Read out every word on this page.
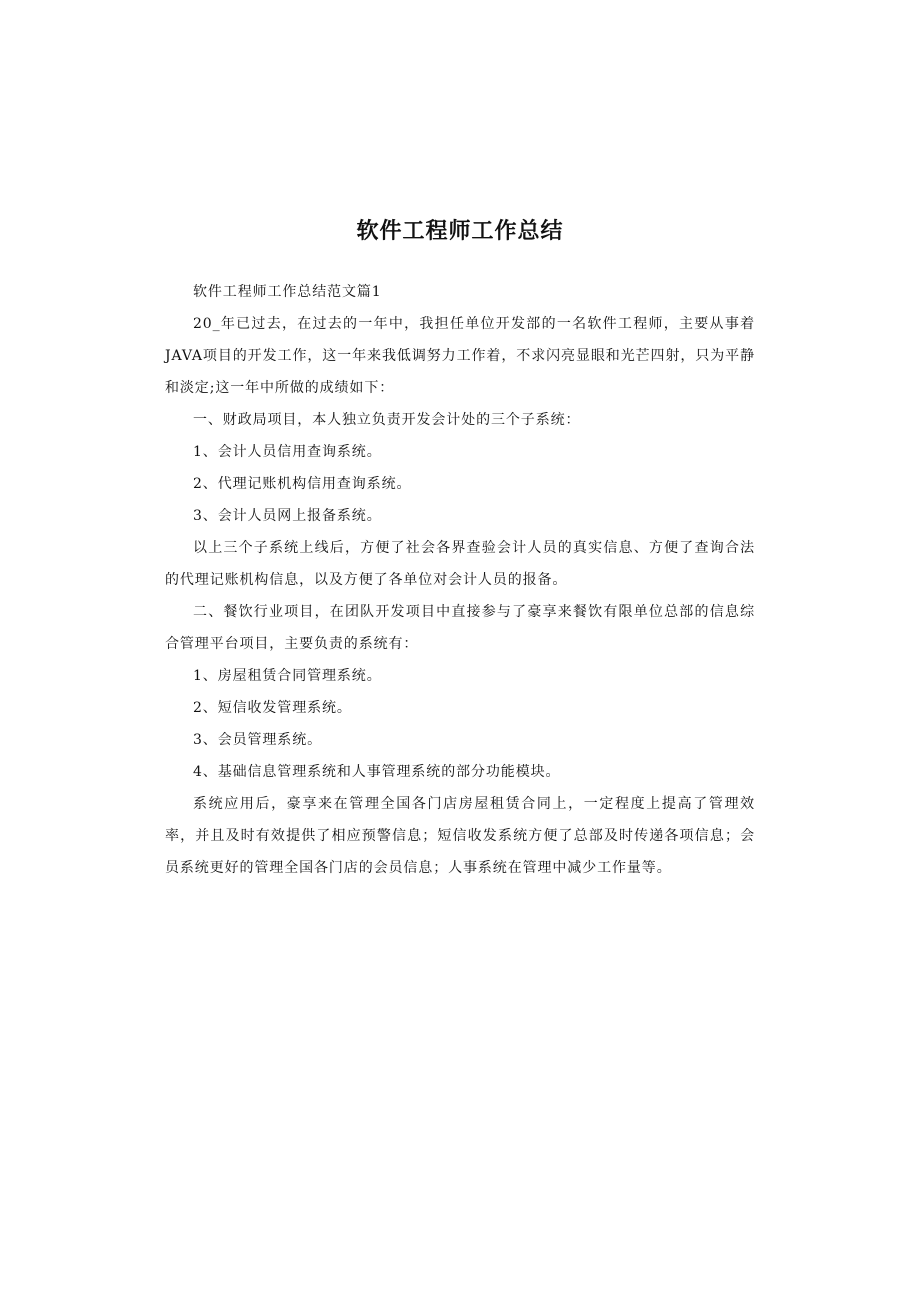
软件工程师工作总结

软件工程师工作总结范文篇1

20_年已过去，在过去的一年中，我担任单位开发部的一名软件工程师，主要从事着JAVA项目的开发工作，这一年来我低调努力工作着，不求闪亮显眼和光芒四射，只为平静和淡定;这一年中所做的成绩如下：

一、财政局项目，本人独立负责开发会计处的三个子系统：

1、会计人员信用查询系统。

2、代理记账机构信用查询系统。

3、会计人员网上报备系统。

以上三个子系统上线后，方便了社会各界查验会计人员的真实信息、方便了查询合法的代理记账机构信息，以及方便了各单位对会计人员的报备。

二、餐饮行业项目，在团队开发项目中直接参与了豪享来餐饮有限单位总部的信息综合管理平台项目，主要负责的系统有：

1、房屋租赁合同管理系统。

2、短信收发管理系统。

3、会员管理系统。

4、基础信息管理系统和人事管理系统的部分功能模块。

系统应用后，豪享来在管理全国各门店房屋租赁合同上，一定程度上提高了管理效率，并且及时有效提供了相应预警信息；短信收发系统方便了总部及时传递各项信息；会员系统更好的管理全国各门店的会员信息；人事系统在管理中减少工作量等。
